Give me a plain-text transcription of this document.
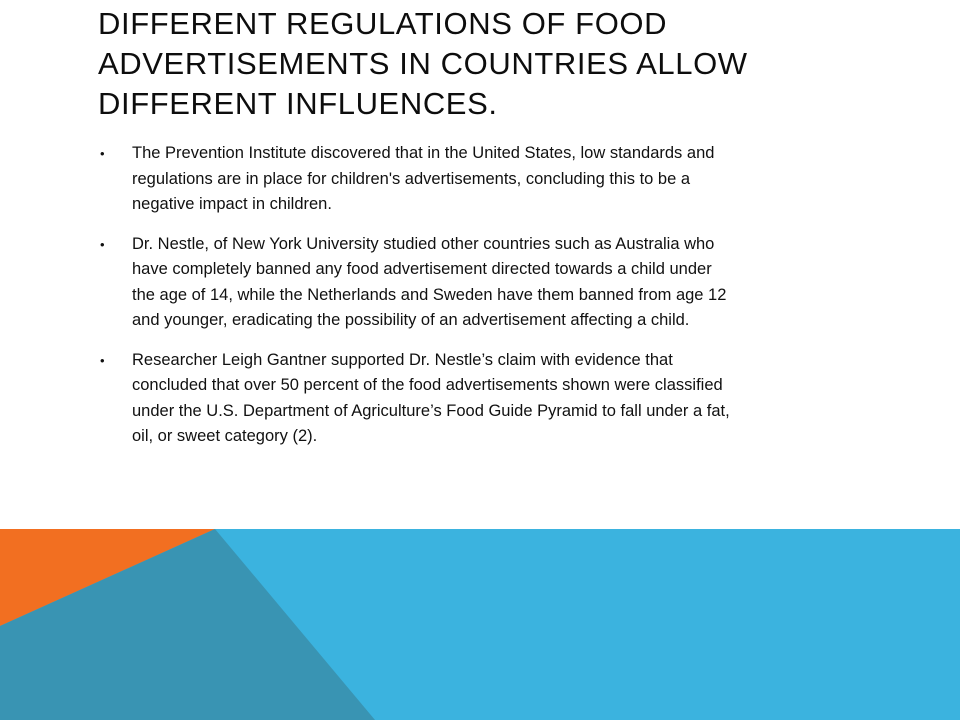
DIFFERENT REGULATIONS OF FOOD
ADVERTISEMENTS IN COUNTRIES ALLOW
DIFFERENT INFLUENCES.
• The Prevention Institute discovered that in the United States, low standards and
regulations are in place for children's advertisements, concluding this to be a
negative impact in children.
• Dr. Nestle, of New York University studied other countries such as Australia who
have completely banned any food advertisement directed towards a child under
the age of 14, while the Netherlands and Sweden have them banned from age 12
and younger, eradicating the possibility of an advertisement affecting a child.
• Researcher Leigh Gantner supported Dr. Nestle’s claim with evidence that
concluded that over 50 percent of the food advertisements shown were classified
under the U.S. Department of Agriculture’s Food Guide Pyramid to fall under a fat,
oil, or sweet category (2).
